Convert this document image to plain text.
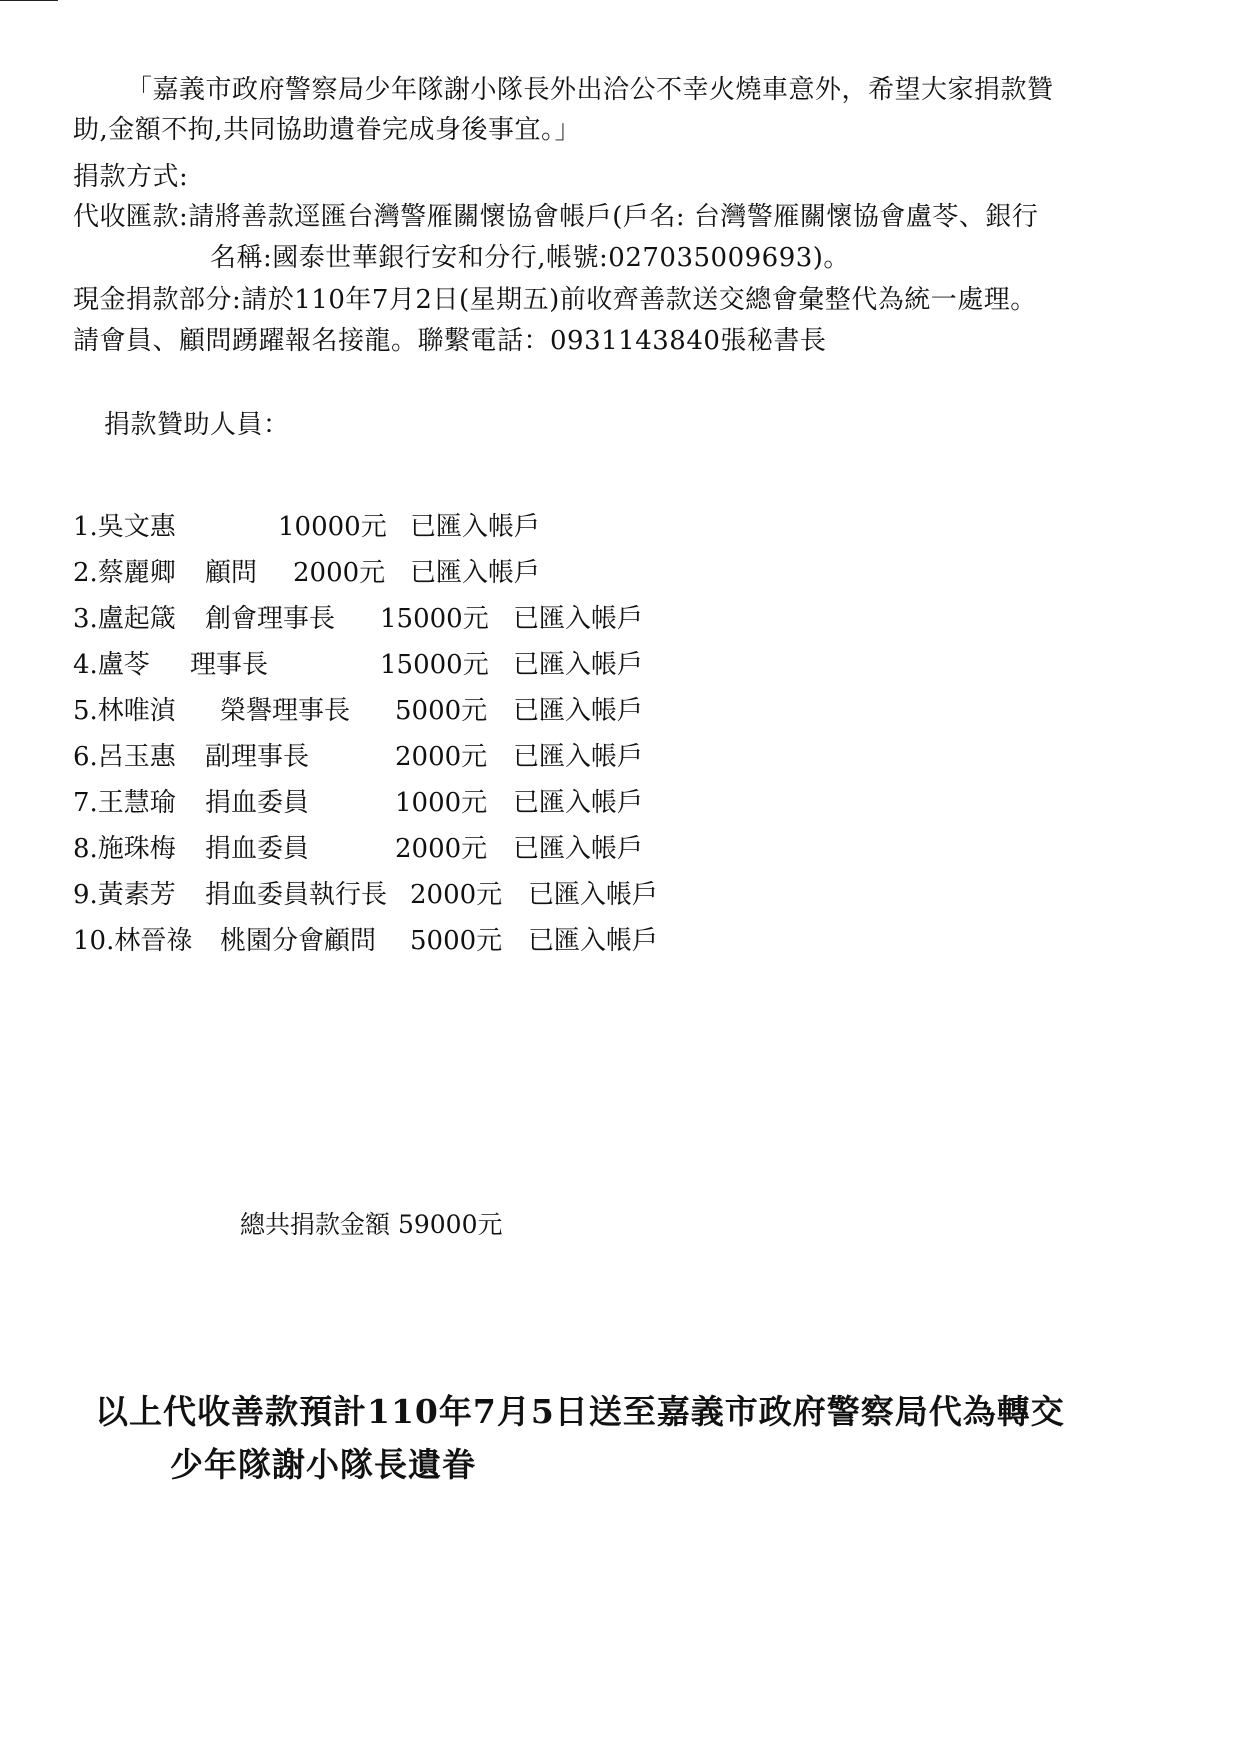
「嘉義市政府警察局少年隊謝小隊長外出洽公不幸火燒車意外，希望大家捐款贊
助,金額不拘,共同協助遺眷完成身後事宜。」
捐款方式:
代收匯款:請將善款逕匯台灣警雁關懷協會帳戶(戶名: 台灣警雁關懷協會盧苓、銀行
名稱:國泰世華銀行安和分行,帳號:027035009693)。
現金捐款部分:請於110年7月2日(星期五)前收齊善款送交總會彙整代為統一處理。
請會員、顧問踴躍報名接龍。聯繫電話：0931143840張秘書長
捐款贊助人員：
1.吳文惠	10000元 已匯入帳戶
2.蔡麗卿 顧問 2000元 已匯入帳戶
3.盧起箴 創會理事長 15000元 已匯入帳戶
4.盧苓 理事長	15000元 已匯入帳戶
5.林唯湞 榮譽理事長 5000元 已匯入帳戶
6.呂玉惠 副理事長	2000元 已匯入帳戶
7.王慧瑜 捐血委員	1000元 已匯入帳戶
8.施珠梅 捐血委員	2000元 已匯入帳戶
9.黃素芳 捐血委員執行長 2000元 已匯入帳戶
10.林晉祿 桃園分會顧問 5000元 已匯入帳戶
總共捐款金額 59000元
以上代收善款預計110年7月5日送至嘉義市政府警察局代為轉交
少年隊謝小隊長遺眷
